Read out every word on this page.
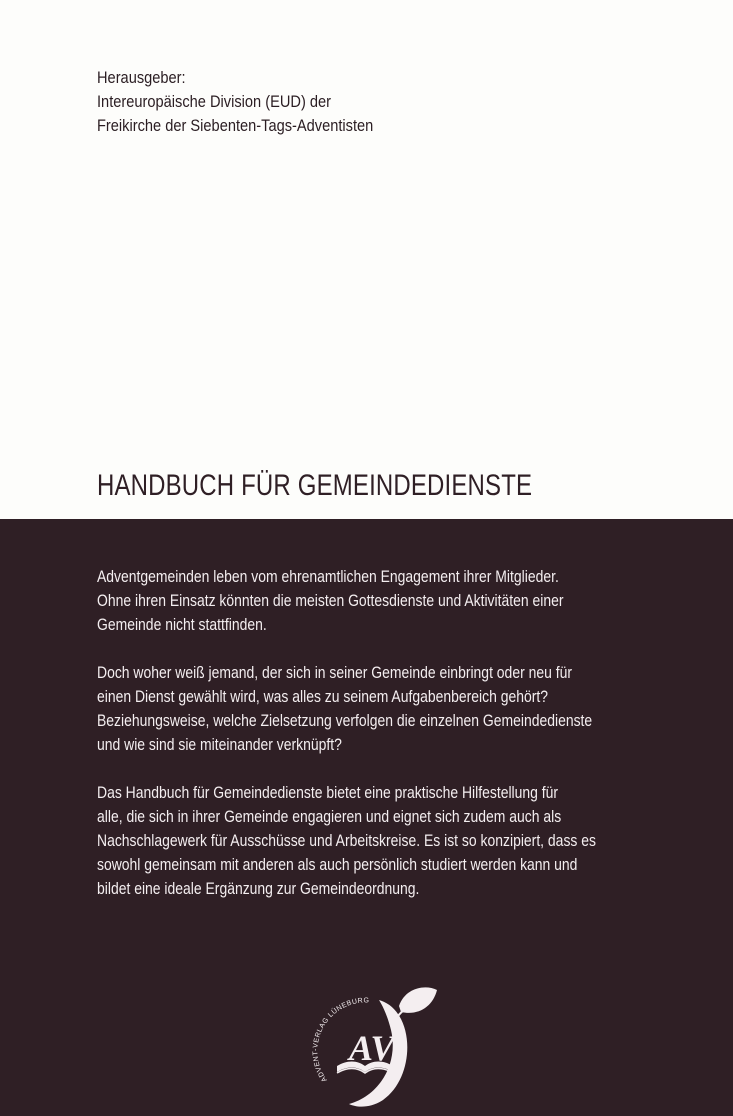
Herausgeber:
Intereuropäische Division (EUD) der
Freikirche der Siebenten-Tags-Adventisten
HANDBUCH FÜR GEMEINDEDIENSTE
Adventgemeinden leben vom ehrenamtlichen Engagement ihrer Mitglieder.
Ohne ihren Einsatz könnten die meisten Gottesdienste und Aktivitäten einer
Gemeinde nicht stattfinden.
Doch woher weiß jemand, der sich in seiner Gemeinde einbringt oder neu für
einen Dienst gewählt wird, was alles zu seinem Aufgabenbereich gehört?
Beziehungsweise, welche Zielsetzung verfolgen die einzelnen Gemeindedienste
und wie sind sie miteinander verknüpft?
Das Handbuch für Gemeindedienste bietet eine praktische Hilfestellung für
alle, die sich in ihrer Gemeinde engagieren und eignet sich zudem auch als
Nachschlagewerk für Ausschüsse und Arbeitskreise. Es ist so konzipiert, dass es
sowohl gemeinsam mit anderen als auch persönlich studiert werden kann und
bildet eine ideale Ergänzung zur Gemeindeordnung.
ADVENT-VERLAG LÜNEBURG
AV
